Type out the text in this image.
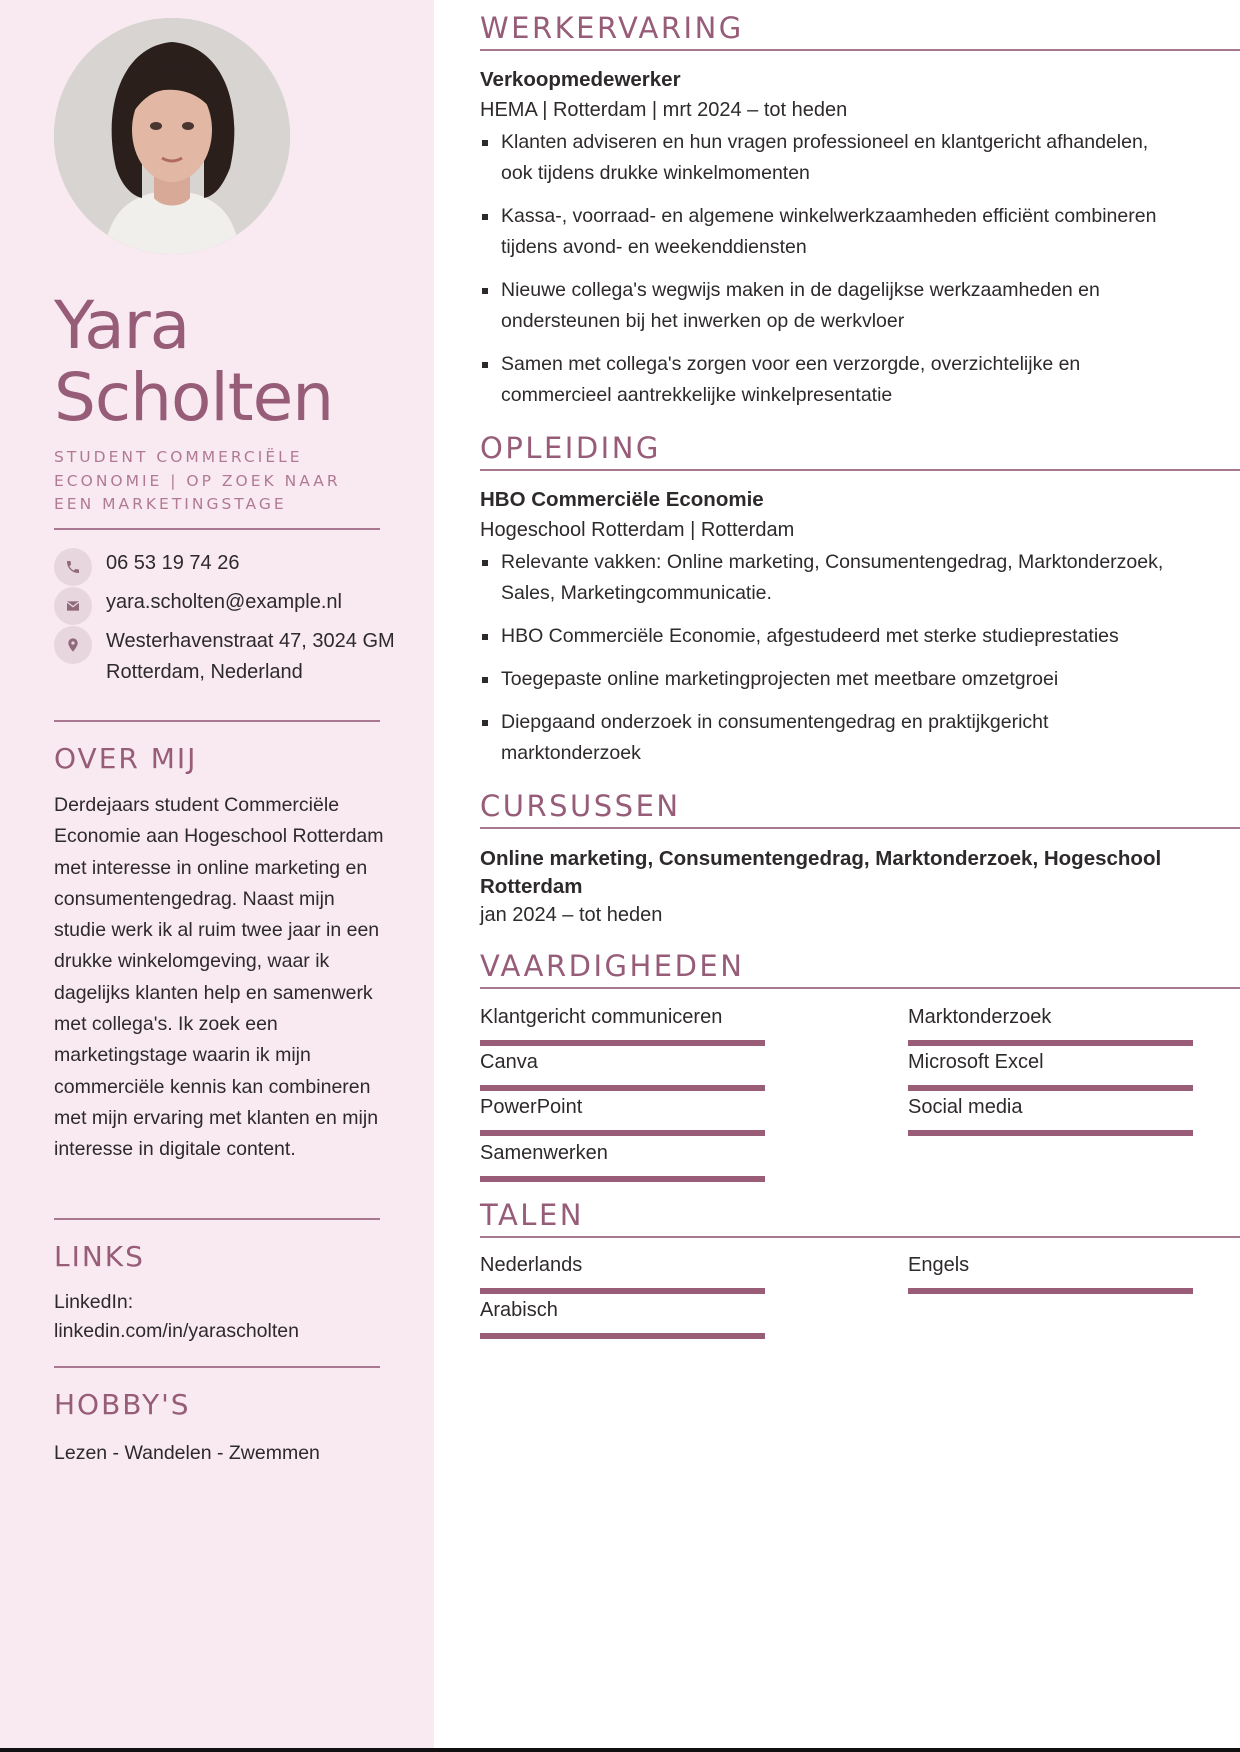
Yara
Scholten
STUDENT COMMERCIËLE ECONOMIE | OP ZOEK NAAR EEN MARKETINGSTAGE
06 53 19 74 26
yara.scholten@example.nl
Westerhavenstraat 47, 3024 GM Rotterdam, Nederland
OVER MIJ
Derdejaars student Commerciële Economie aan Hogeschool Rotterdam met interesse in online marketing en consumentengedrag. Naast mijn studie werk ik al ruim twee jaar in een drukke winkelomgeving, waar ik dagelijks klanten help en samenwerk met collega's. Ik zoek een marketingstage waarin ik mijn commerciële kennis kan combineren met mijn ervaring met klanten en mijn interesse in digitale content.
LINKS
LinkedIn:
linkedin.com/in/yarascholten
HOBBY'S
Lezen - Wandelen - Zwemmen
WERKERVARING
Verkoopmedewerker
HEMA | Rotterdam | mrt 2024 – tot heden
Klanten adviseren en hun vragen professioneel en klantgericht afhandelen, ook tijdens drukke winkelmomenten
Kassa-, voorraad- en algemene winkelwerkzaamheden efficiënt combineren tijdens avond- en weekenddiensten
Nieuwe collega's wegwijs maken in de dagelijkse werkzaamheden en ondersteunen bij het inwerken op de werkvloer
Samen met collega's zorgen voor een verzorgde, overzichtelijke en commercieel aantrekkelijke winkelpresentatie
OPLEIDING
HBO Commerciële Economie
Hogeschool Rotterdam | Rotterdam
Relevante vakken: Online marketing, Consumentengedrag, Marktonderzoek, Sales, Marketingcommunicatie.
HBO Commerciële Economie, afgestudeerd met sterke studieprestaties
Toegepaste online marketingprojecten met meetbare omzetgroei
Diepgaand onderzoek in consumentengedrag en praktijkgericht marktonderzoek
CURSUSSEN
Online marketing, Consumentengedrag, Marktonderzoek, Hogeschool Rotterdam
jan 2024 – tot heden
VAARDIGHEDEN
Klantgericht communiceren	Marktonderzoek
Canva	Microsoft Excel
PowerPoint	Social media
Samenwerken
TALEN
Nederlands	Engels
Arabisch
